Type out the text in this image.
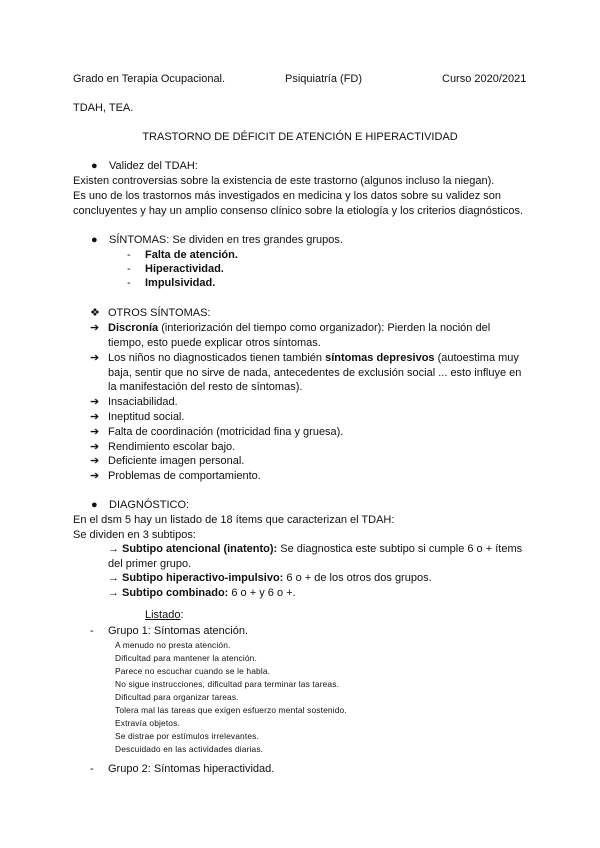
Grado en Terapia Ocupacional.	Psiquiatría (FD)	Curso 2020/2021
TDAH, TEA.
TRASTORNO DE DÉFICIT DE ATENCIÓN E HIPERACTIVIDAD
● Validez del TDAH:
Existen controversias sobre la existencia de este trastorno (algunos incluso la niegan).
Es uno de los trastornos más investigados en medicina y los datos sobre su validez son
concluyentes y hay un amplio consenso clínico sobre la etiología y los criterios diagnósticos.
● SÍNTOMAS: Se dividen en tres grandes grupos.
- Falta de atención.
- Hiperactividad.
- Impulsividad.
❖ OTROS SÍNTOMAS:
➔ Discronía (interiorización del tiempo como organizador): Pierden la noción del
tiempo, esto puede explicar otros síntomas.
➔ Los niños no diagnosticados tienen también síntomas depresivos (autoestima muy
baja, sentir que no sirve de nada, antecedentes de exclusión social ... esto influye en
la manifestación del resto de síntomas).
➔ Insaciabilidad.
➔ Ineptitud social.
➔ Falta de coordinación (motricidad fina y gruesa).
➔ Rendimiento escolar bajo.
➔ Deficiente imagen personal.
➔ Problemas de comportamiento.
● DIAGNÓSTICO:
En el dsm 5 hay un listado de 18 ítems que caracterizan el TDAH:
Se dividen en 3 subtipos:
→ Subtipo atencional (inatento): Se diagnostica este subtipo si cumple 6 o + ítems
del primer grupo.
→ Subtipo hiperactivo-impulsivo: 6 o + de los otros dos grupos.
→ Subtipo combinado: 6 o + y 6 o +.
Listado:
- Grupo 1: Síntomas atención.
A menudo no presta atención.
Dificultad para mantener la atención.
Parece no escuchar cuando se le habla.
No sigue instrucciones, dificultad para terminar las tareas.
Dificultad para organizar tareas.
Tolera mal las tareas que exigen esfuerzo mental sostenido.
Extravía objetos.
Se distrae por estímulos irrelevantes.
Descuidado en las actividades diarias.
- Grupo 2: Síntomas hiperactividad.
